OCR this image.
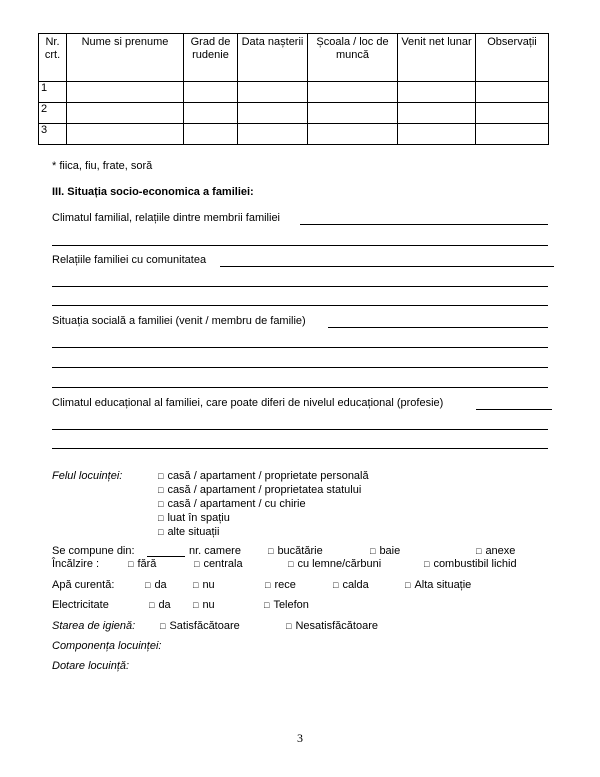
Nr. crt.	Nume si prenume	Grad de rudenie	Data nașterii	Școala / loc de muncă	Venit net lunar	Observații
1						
2						
3						
* fiica, fiu, frate, soră
III. Situația socio-economica a familiei:
Climatul familial, relațiile dintre membrii familiei
Relațiile familiei cu comunitatea
Situația socială a familiei (venit / membru de familie)
Climatul educațional al familiei, care poate diferi de nivelul educațional (profesie)
Felul locuinței:	□ casă / apartament / proprietate personală
□ casă / apartament / proprietatea statului
□ casă / apartament / cu chirie
□ luat în spațiu
□ alte situații
Se compune din:	nr. camere	□ bucătărie	□ baie	□ anexe
Încălzire :	□ fără	□ centrala	□ cu lemne/cărbuni	□ combustibil lichid
Apă curentă:	□ da	□ nu	□ rece	□ calda	□ Alta situație
Electricitate	□ da □ nu	□ Telefon
Starea de igienă:	□ Satisfăcătoare	□ Nesatisfăcătoare
Componența locuinței:
Dotare locuință:
3
